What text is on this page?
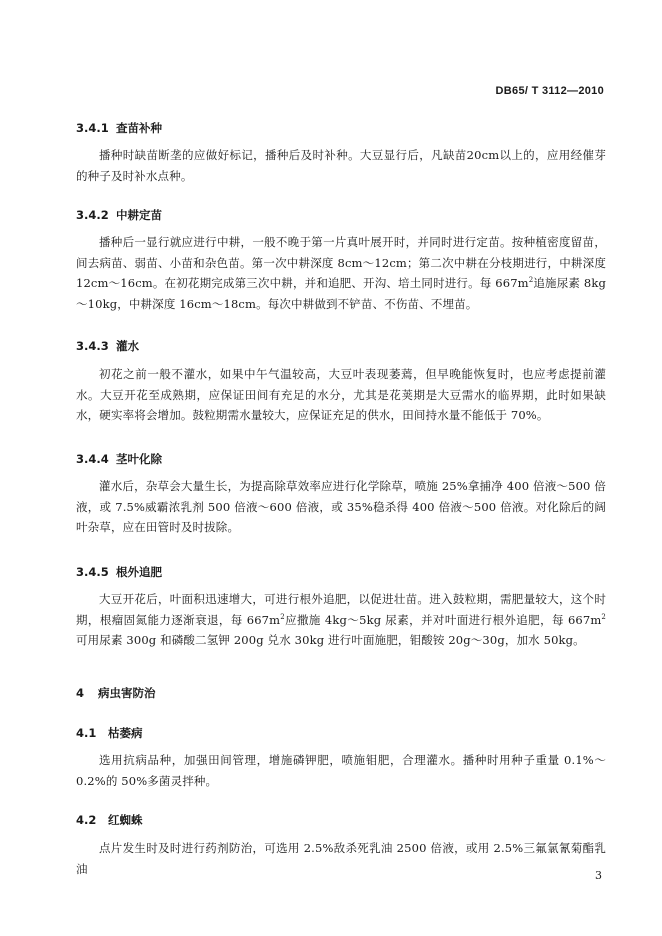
DB65/ T 3112—2010
3.4.1 查苗补种
播种时缺苗断垄的应做好标记，播种后及时补种。大豆显行后，凡缺苗20cm以上的，应用经催芽的种子及时补水点种。
3.4.2 中耕定苗
播种后一显行就应进行中耕，一般不晚于第一片真叶展开时，并同时进行定苗。按种植密度留苗，间去病苗、弱苗、小苗和杂色苗。第一次中耕深度 8cm～12cm；第二次中耕在分枝期进行，中耕深度12cm～16cm。在初花期完成第三次中耕，并和追肥、开沟、培土同时进行。每 $667m^2$追施尿素 8kg～10kg，中耕深度 16cm～18cm。每次中耕做到不铲苗、不伤苗、不埋苗。
3.4.3 灌水
初花之前一般不灌水，如果中午气温较高，大豆叶表现萎蔫，但早晚能恢复时，也应考虑提前灌水。大豆开花至成熟期，应保证田间有充足的水分，尤其是花荚期是大豆需水的临界期，此时如果缺水，硬实率将会增加。鼓粒期需水量较大，应保证充足的供水，田间持水量不能低于 70%。
3.4.4 茎叶化除
灌水后，杂草会大量生长，为提高除草效率应进行化学除草，喷施 25%拿捕净 400 倍液～500 倍液，或 7.5%威霸浓乳剂 500 倍液～600 倍液，或 35%稳杀得 400 倍液～500 倍液。对化除后的阔叶杂草，应在田管时及时拔除。
3.4.5 根外追肥
大豆开花后，叶面积迅速增大，可进行根外追肥，以促进壮苗。进入鼓粒期，需肥量较大，这个时期，根瘤固氮能力逐渐衰退，每 $667m^2$应撒施 4kg～5kg 尿素，并对叶面进行根外追肥，每 $667m^2$可用尿素 300g 和磷酸二氢钾 200g 兑水 30kg 进行叶面施肥，钼酸铵 20g～30g，加水 50kg。
4 病虫害防治
4.1 枯萎病
选用抗病品种，加强田间管理，增施磷钾肥，喷施钼肥，合理灌水。播种时用种子重量 0.1%～0.2%的 50%多菌灵拌种。
4.2 红蜘蛛
点片发生时及时进行药剂防治，可选用 2.5%敌杀死乳油 2500 倍液，或用 2.5%三氟氯氰菊酯乳油	3
